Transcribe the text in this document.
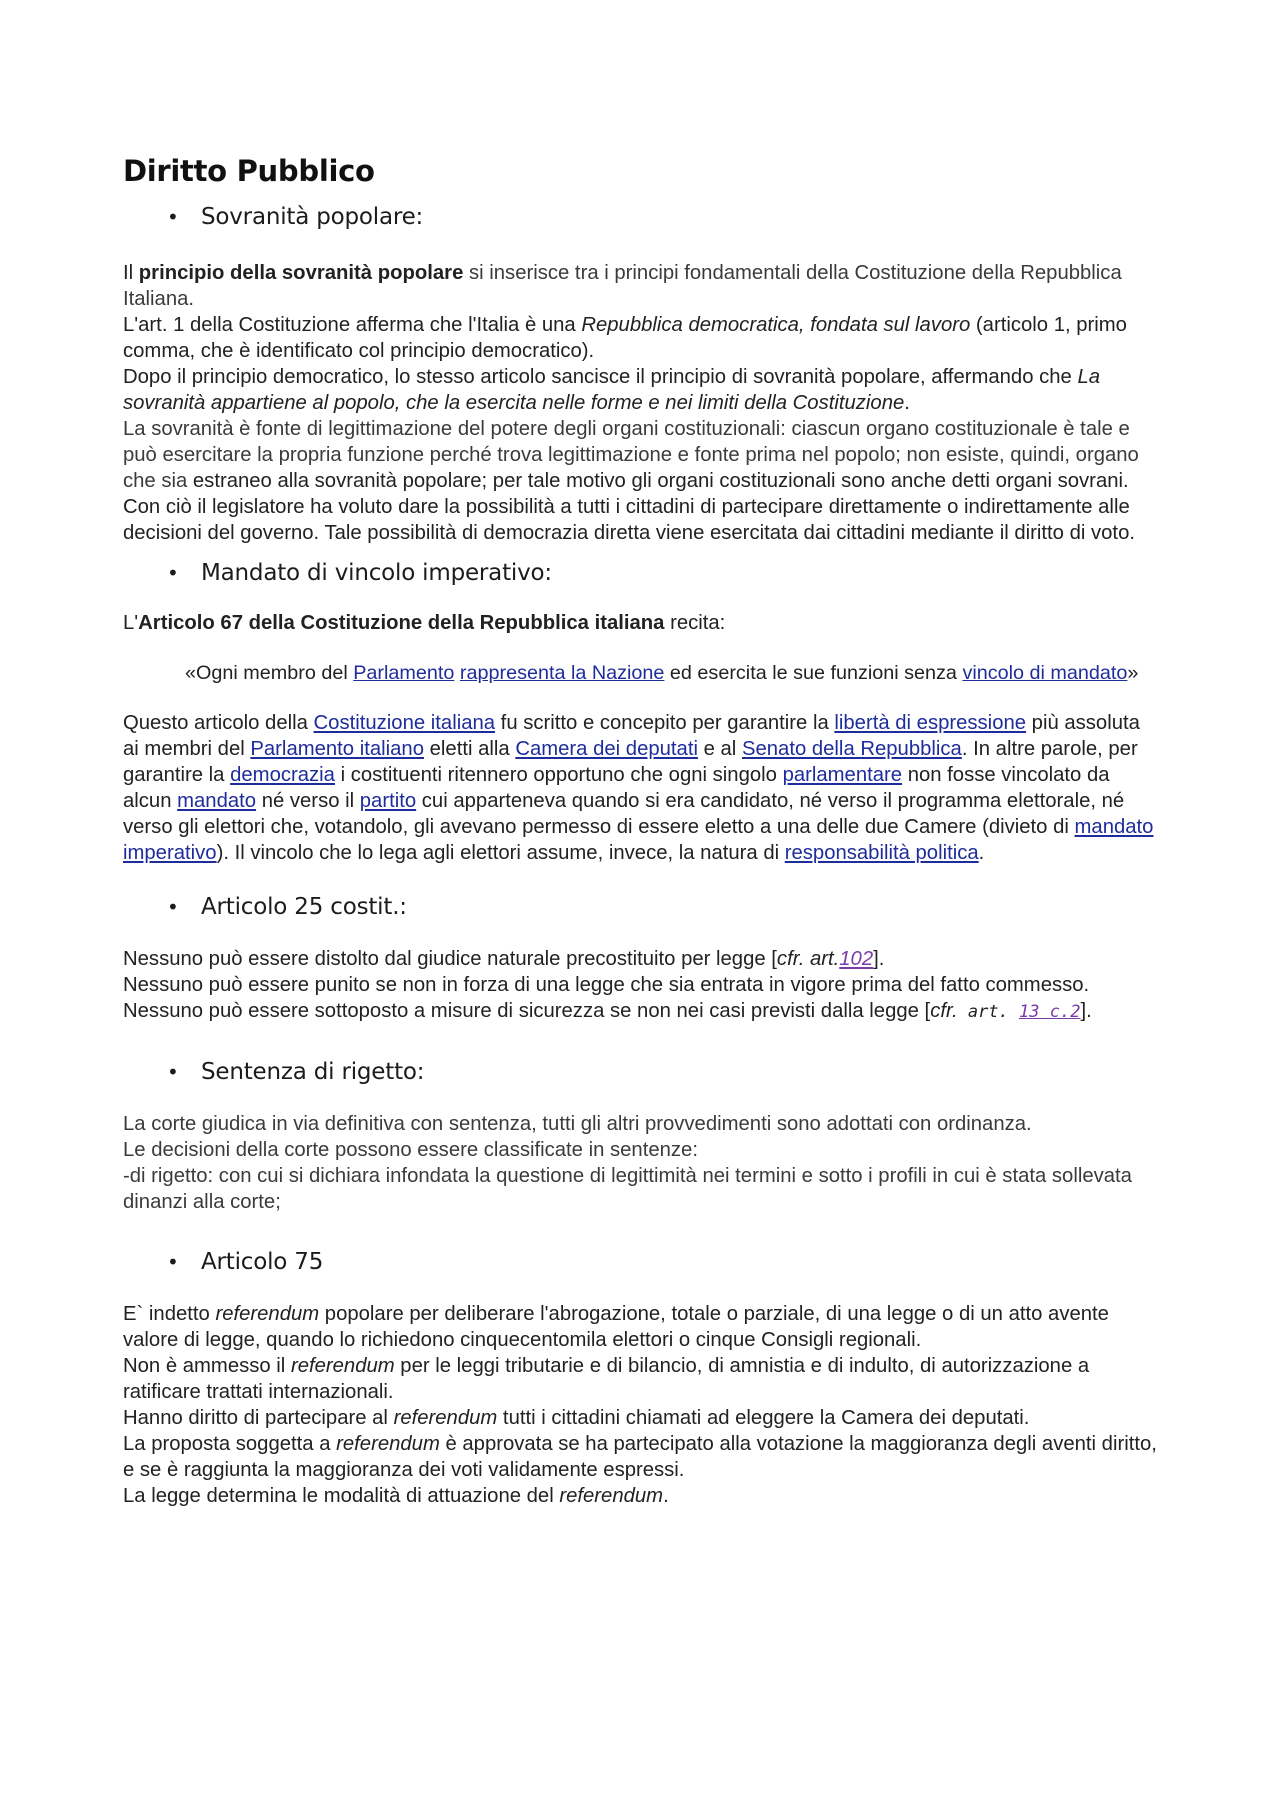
Diritto Pubblico
• Sovranità popolare:

Il principio della sovranità popolare si inserisce tra i principi fondamentali della Costituzione della Repubblica Italiana.

L'art. 1 della Costituzione afferma che l'Italia è una Repubblica democratica, fondata sul lavoro (articolo 1, primo comma, che è identificato col principio democratico).

Dopo il principio democratico, lo stesso articolo sancisce il principio di sovranità popolare, affermando che La sovranità appartiene al popolo, che la esercita nelle forme e nei limiti della Costituzione.

La sovranità è fonte di legittimazione del potere degli organi costituzionali: ciascun organo costituzionale è tale e può esercitare la propria funzione perché trova legittimazione e fonte prima nel popolo; non esiste, quindi, organo che sia estraneo alla sovranità popolare; per tale motivo gli organi costituzionali sono anche detti organi sovrani. Con ciò il legislatore ha voluto dare la possibilità a tutti i cittadini di partecipare direttamente o indirettamente alle decisioni del governo. Tale possibilità di democrazia diretta viene esercitata dai cittadini mediante il diritto di voto.

• Mandato di vincolo imperativo:

L'Articolo 67 della Costituzione della Repubblica italiana recita:

«Ogni membro del Parlamento rappresenta la Nazione ed esercita le sue funzioni senza vincolo di mandato»

Questo articolo della Costituzione italiana fu scritto e concepito per garantire la libertà di espressione più assoluta ai membri del Parlamento italiano eletti alla Camera dei deputati e al Senato della Repubblica. In altre parole, per garantire la democrazia i costituenti ritennero opportuno che ogni singolo parlamentare non fosse vincolato da alcun mandato né verso il partito cui apparteneva quando si era candidato, né verso il programma elettorale, né verso gli elettori che, votandolo, gli avevano permesso di essere eletto a una delle due Camere (divieto di mandato imperativo). Il vincolo che lo lega agli elettori assume, invece, la natura di responsabilità politica.

• Articolo 25 costit.:

Nessuno può essere distolto dal giudice naturale precostituito per legge [cfr. art.102].

Nessuno può essere punito se non in forza di una legge che sia entrata in vigore prima del fatto commesso.

Nessuno può essere sottoposto a misure di sicurezza se non nei casi previsti dalla legge [cfr. art. 13 c.2].

• Sentenza di rigetto:

La corte giudica in via definitiva con sentenza, tutti gli altri provvedimenti sono adottati con ordinanza.

Le decisioni della corte possono essere classificate in sentenze:

-di rigetto: con cui si dichiara infondata la questione di legittimità nei termini e sotto i profili in cui è stata sollevata dinanzi alla corte;

• Articolo 75

E` indetto referendum popolare per deliberare l'abrogazione, totale o parziale, di una legge o di un atto avente valore di legge, quando lo richiedono cinquecentomila elettori o cinque Consigli regionali.

Non è ammesso il referendum per le leggi tributarie e di bilancio, di amnistia e di indulto, di autorizzazione a ratificare trattati internazionali.

Hanno diritto di partecipare al referendum tutti i cittadini chiamati ad eleggere la Camera dei deputati.

La proposta soggetta a referendum è approvata se ha partecipato alla votazione la maggioranza degli aventi diritto, e se è raggiunta la maggioranza dei voti validamente espressi.

La legge determina le modalità di attuazione del referendum.
